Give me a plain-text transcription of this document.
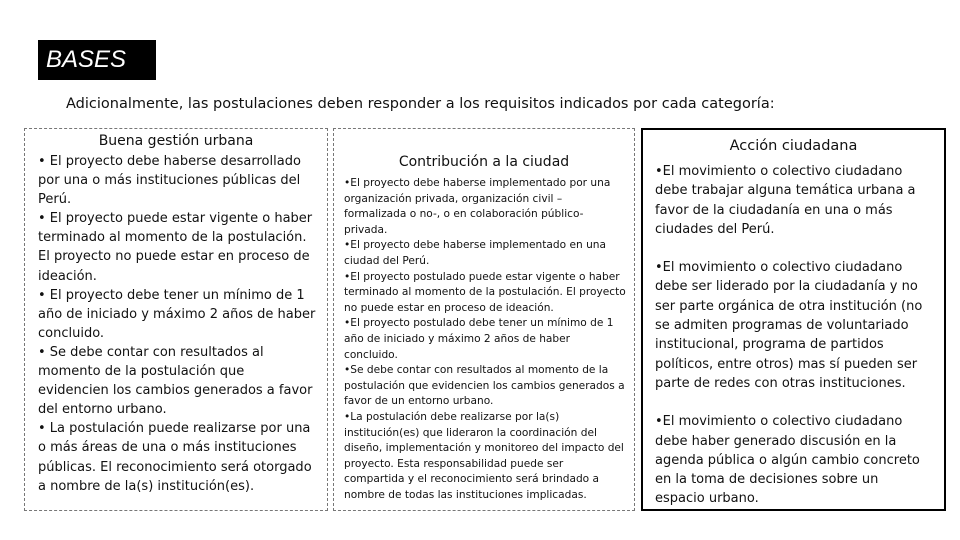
BASES
Adicionalmente, las postulaciones deben responder a los requisitos indicados por cada categoría:
Buena gestión urbana

• El proyecto debe haberse desarrollado por una o más instituciones públicas del Perú.

• El proyecto puede estar vigente o haber terminado al momento de la postulación. El proyecto no puede estar en proceso de ideación.

• El proyecto debe tener un mínimo de 1 año de iniciado y máximo 2 años de haber concluido.

• Se debe contar con resultados al momento de la postulación que evidencien los cambios generados a favor del entorno urbano.

• La postulación puede realizarse por una o más áreas de una o más instituciones públicas. El reconocimiento será otorgado a nombre de la(s) institución(es).

Contribución a la ciudad

•El proyecto debe haberse implementado por una organización privada, organización civil – formalizada o no-, o en colaboración público-privada.

•El proyecto debe haberse implementado en una ciudad del Perú.

•El proyecto postulado puede estar vigente o haber terminado al momento de la postulación. El proyecto no puede estar en proceso de ideación.

•El proyecto postulado debe tener un mínimo de 1 año de iniciado y máximo 2 años de haber concluido.

•Se debe contar con resultados al momento de la postulación que evidencien los cambios generados a favor de un entorno urbano.

•La postulación debe realizarse por la(s) institución(es) que lideraron la coordinación del diseño, implementación y monitoreo del impacto del proyecto. Esta responsabilidad puede ser compartida y el reconocimiento será brindado a nombre de todas las instituciones implicadas.

Acción ciudadana

•El movimiento o colectivo ciudadano debe trabajar alguna temática urbana a favor de la ciudadanía en una o más ciudades del Perú.

•El movimiento o colectivo ciudadano debe ser liderado por la ciudadanía y no ser parte orgánica de otra institución (no se admiten programas de voluntariado institucional, programa de partidos políticos, entre otros) mas sí pueden ser parte de redes con otras instituciones.

•El movimiento o colectivo ciudadano debe haber generado discusión en la agenda pública o algún cambio concreto en la toma de decisiones sobre un espacio urbano.
